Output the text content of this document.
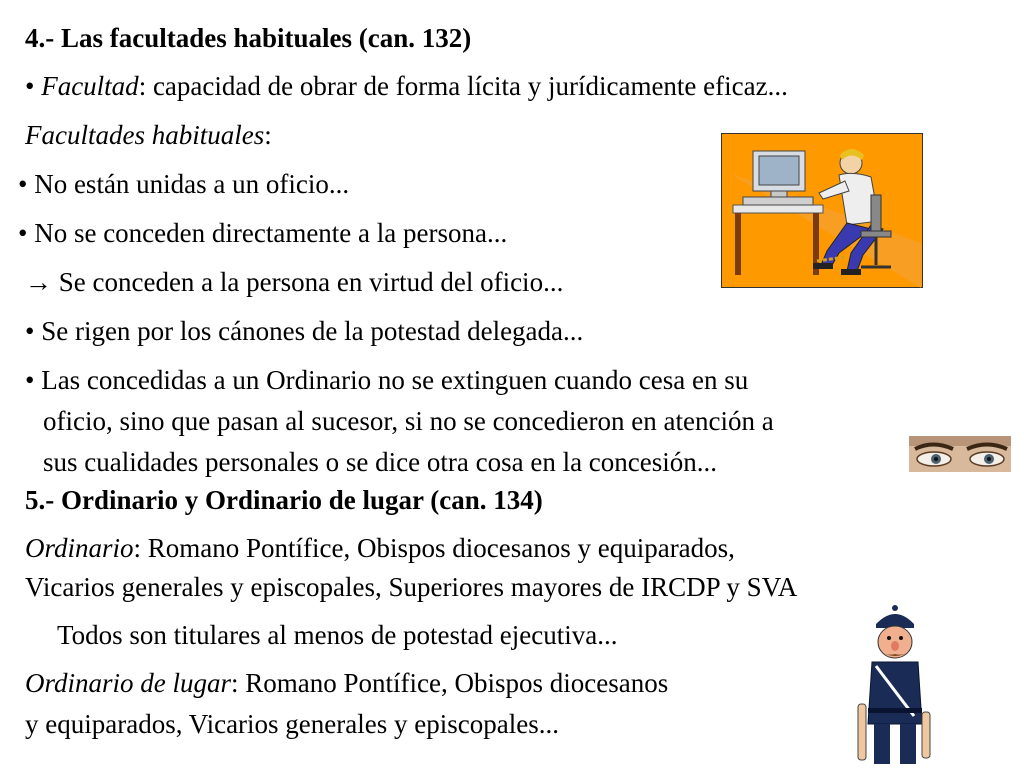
4.- Las facultades habituales (can. 132)
• Facultad: capacidad de obrar de forma lícita y jurídicamente eficaz...
Facultades habituales:
• No están unidas a un oficio...
• No se conceden directamente a la persona...
→ Se conceden a la persona en virtud del oficio...
• Se rigen por los cánones de la potestad delegada...
• Las concedidas a un Ordinario no se extinguen cuando cesa en su
oficio, sino que pasan al sucesor, si no se concedieron en atención a
sus cualidades personales o se dice otra cosa en la concesión...
5.- Ordinario y Ordinario de lugar (can. 134)
Ordinario: Romano Pontífice, Obispos diocesanos y equiparados,
Vicarios generales y episcopales, Superiores mayores de IRCDP y SVA
Todos son titulares al menos de potestad ejecutiva...
Ordinario de lugar: Romano Pontífice, Obispos diocesanos
y equiparados, Vicarios generales y episcopales...
